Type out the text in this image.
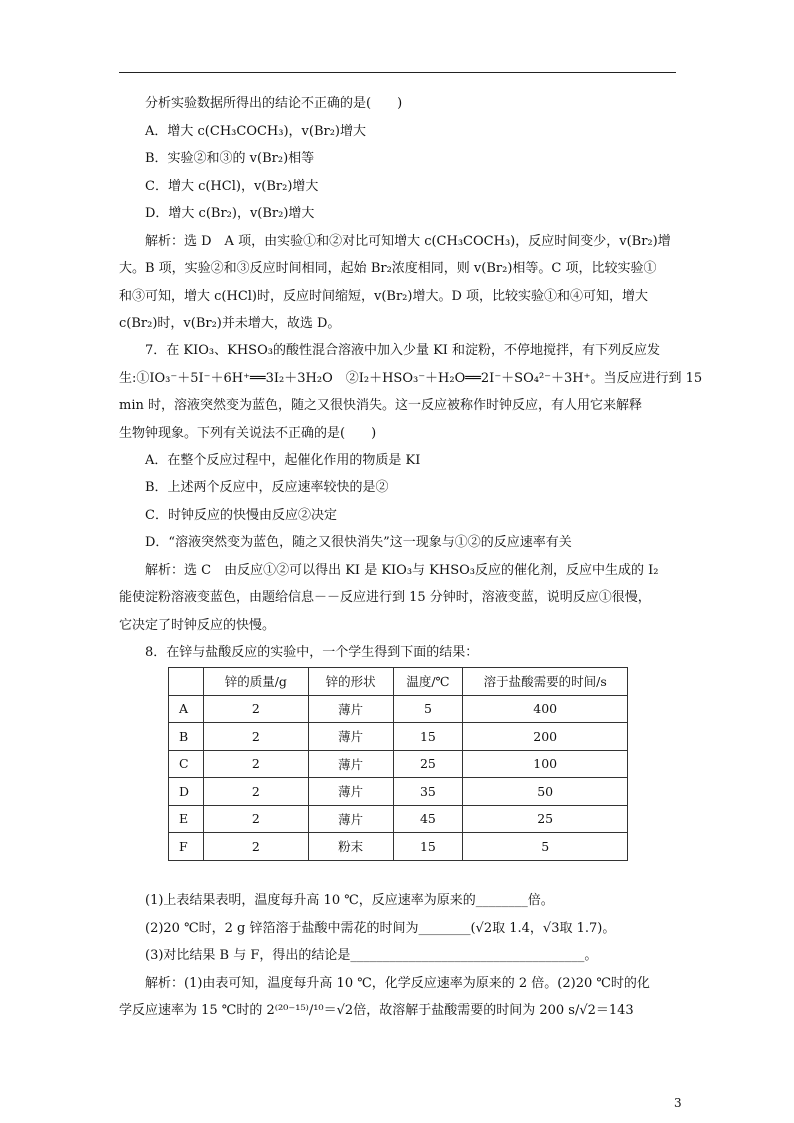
分析实验数据所得出的结论不正确的是(　　)
A．增大 c(CH₃COCH₃)，v(Br₂)增大
B．实验②和③的 v(Br₂)相等
C．增大 c(HCl)，v(Br₂)增大
D．增大 c(Br₂)，v(Br₂)增大
解析：选 D　A 项，由实验①和②对比可知增大 c(CH₃COCH₃)，反应时间变少，v(Br₂)增
大。B 项，实验②和③反应时间相同，起始 Br₂浓度相同，则 v(Br₂)相等。C 项，比较实验①
和③可知，增大 c(HCl)时，反应时间缩短，v(Br₂)增大。D 项，比较实验①和④可知，增大
c(Br₂)时，v(Br₂)并未增大，故选 D。
7．在 KIO₃、KHSO₃的酸性混合溶液中加入少量 KI 和淀粉，不停地搅拌，有下列反应发
生:①IO₃⁻＋5I⁻＋6H⁺══3I₂＋3H₂O　②I₂＋HSO₃⁻＋H₂O══2I⁻＋SO₄²⁻＋3H⁺。当反应进行到 15
min 时，溶液突然变为蓝色，随之又很快消失。这一反应被称作时钟反应，有人用它来解释
生物钟现象。下列有关说法不正确的是(　　)
A．在整个反应过程中，起催化作用的物质是 KI
B．上述两个反应中，反应速率较快的是②
C．时钟反应的快慢由反应②决定
D．“溶液突然变为蓝色，随之又很快消失”这一现象与①②的反应速率有关
解析：选 C　由反应①②可以得出 KI 是 KIO₃与 KHSO₃反应的催化剂，反应中生成的 I₂
能使淀粉溶液变蓝色，由题给信息－－反应进行到 15 分钟时，溶液变蓝，说明反应①很慢，
它决定了时钟反应的快慢。
8．在锌与盐酸反应的实验中，一个学生得到下面的结果：
	锌的质量/g	锌的形状	温度/℃	溶于盐酸需要的时间/s
A	2	薄片	5	400
B	2	薄片	15	200
C	2	薄片	25	100
D	2	薄片	35	50
E	2	薄片	45	25
F	2	粉末	15	5
(1)上表结果表明，温度每升高 10 ℃，反应速率为原来的________倍。
(2)20 ℃时，2 g 锌箔溶于盐酸中需花的时间为________(√2取 1.4，√3取 1.7)。
(3)对比结果 B 与 F，得出的结论是____________________________________。
解析：(1)由表可知，温度每升高 10 ℃，化学反应速率为原来的 2 倍。(2)20 ℃时的化
学反应速率为 15 ℃时的 2⁽²⁰⁻¹⁵⁾/¹⁰＝√2倍，故溶解于盐酸需要的时间为 200 s/√2＝143
3
